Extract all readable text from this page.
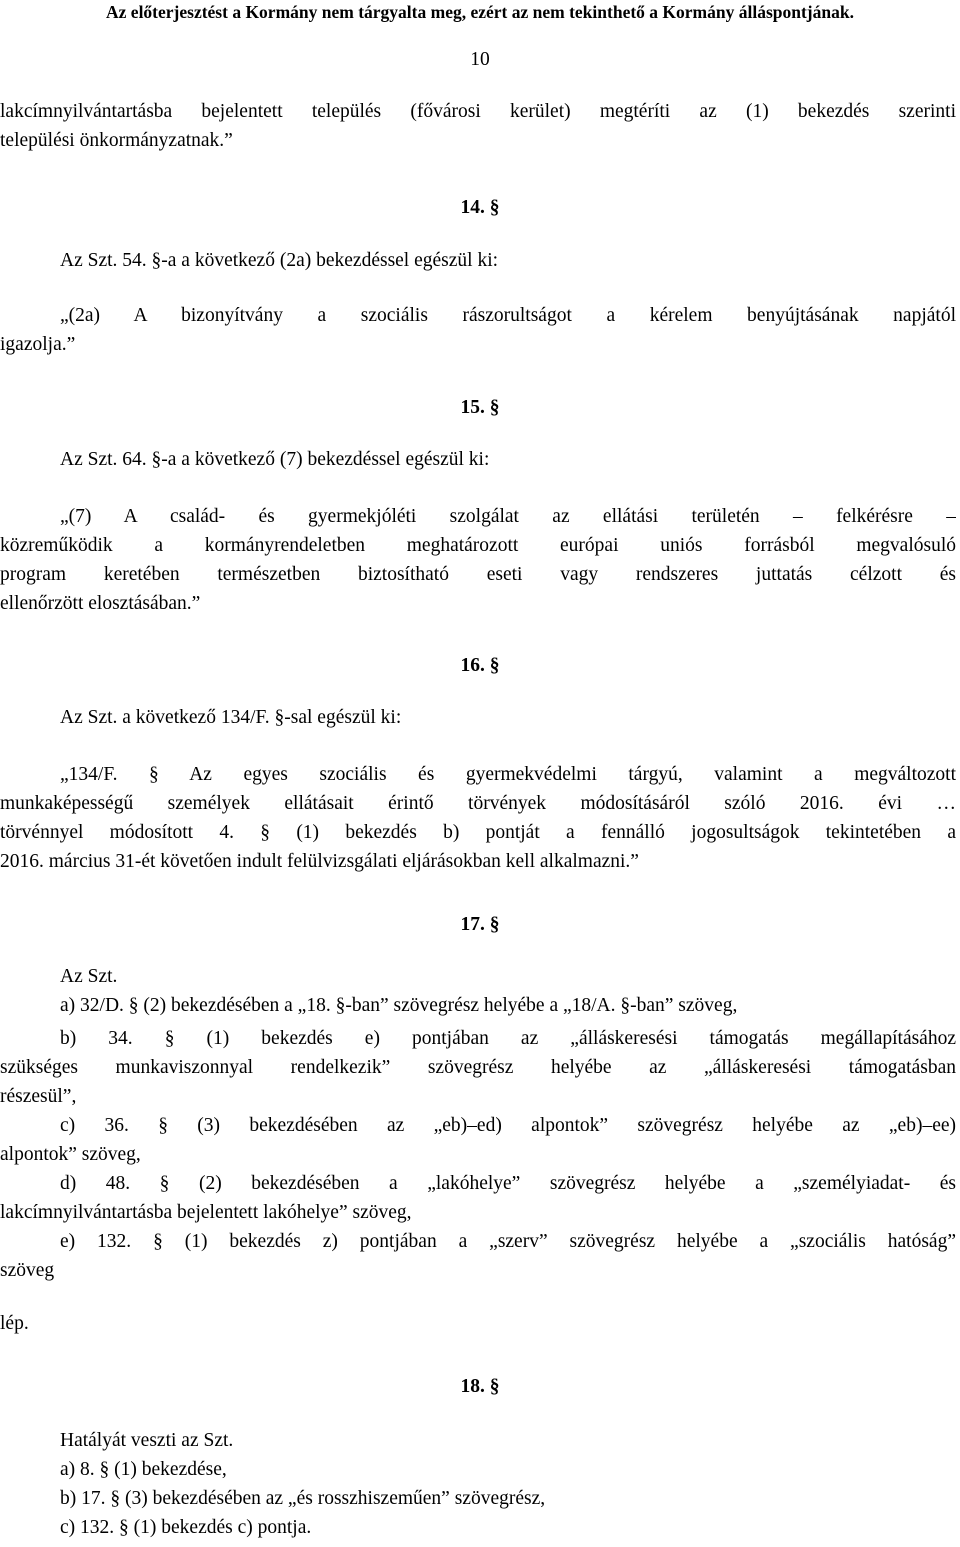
Az előterjesztést a Kormány nem tárgyalta meg, ezért az nem tekinthető a Kormány álláspontjának.
10
lakcímnyilvántartásba bejelentett település (fővárosi kerület) megtéríti az (1) bekezdés szerinti
települési önkormányzatnak.”
14. §
Az Szt. 54. §-a a következő (2a) bekezdéssel egészül ki:
„(2a) A bizonyítvány a szociális rászorultságot a kérelem benyújtásának napjától
igazolja.”
15. §
Az Szt. 64. §-a a következő (7) bekezdéssel egészül ki:
„(7) A család- és gyermekjóléti szolgálat az ellátási területén – felkérésre –
közreműködik a kormányrendeletben meghatározott európai uniós forrásból megvalósuló
program keretében természetben biztosítható eseti vagy rendszeres juttatás célzott és
ellenőrzött elosztásában.”
16. §
Az Szt. a következő 134/F. §-sal egészül ki:
„134/F. § Az egyes szociális és gyermekvédelmi tárgyú, valamint a megváltozott
munkaképességű személyek ellátásait érintő törvények módosításáról szóló 2016. évi …
törvénnyel módosított 4. § (1) bekezdés b) pontját a fennálló jogosultságok tekintetében a
2016. március 31-ét követően indult felülvizsgálati eljárásokban kell alkalmazni.”
17. §
Az Szt.
a) 32/D. § (2) bekezdésében a „18. §-ban” szövegrész helyébe a „18/A. §-ban” szöveg,
b) 34. § (1) bekezdés e) pontjában az „álláskeresési támogatás megállapításához
szükséges munkaviszonnyal rendelkezik” szövegrész helyébe az „álláskeresési támogatásban
részesül”,
c) 36. § (3) bekezdésében az „eb)–ed) alpontok” szövegrész helyébe az „eb)–ee)
alpontok” szöveg,
d) 48. § (2) bekezdésében a „lakóhelye” szövegrész helyébe a „személyiadat- és
lakcímnyilvántartásba bejelentett lakóhelye” szöveg,
e) 132. § (1) bekezdés z) pontjában a „szerv” szövegrész helyébe a „szociális hatóság”
szöveg
lép.
18. §
Hatályát veszti az Szt.
a) 8. § (1) bekezdése,
b) 17. § (3) bekezdésében az „és rosszhiszeműen” szövegrész,
c) 132. § (1) bekezdés c) pontja.
